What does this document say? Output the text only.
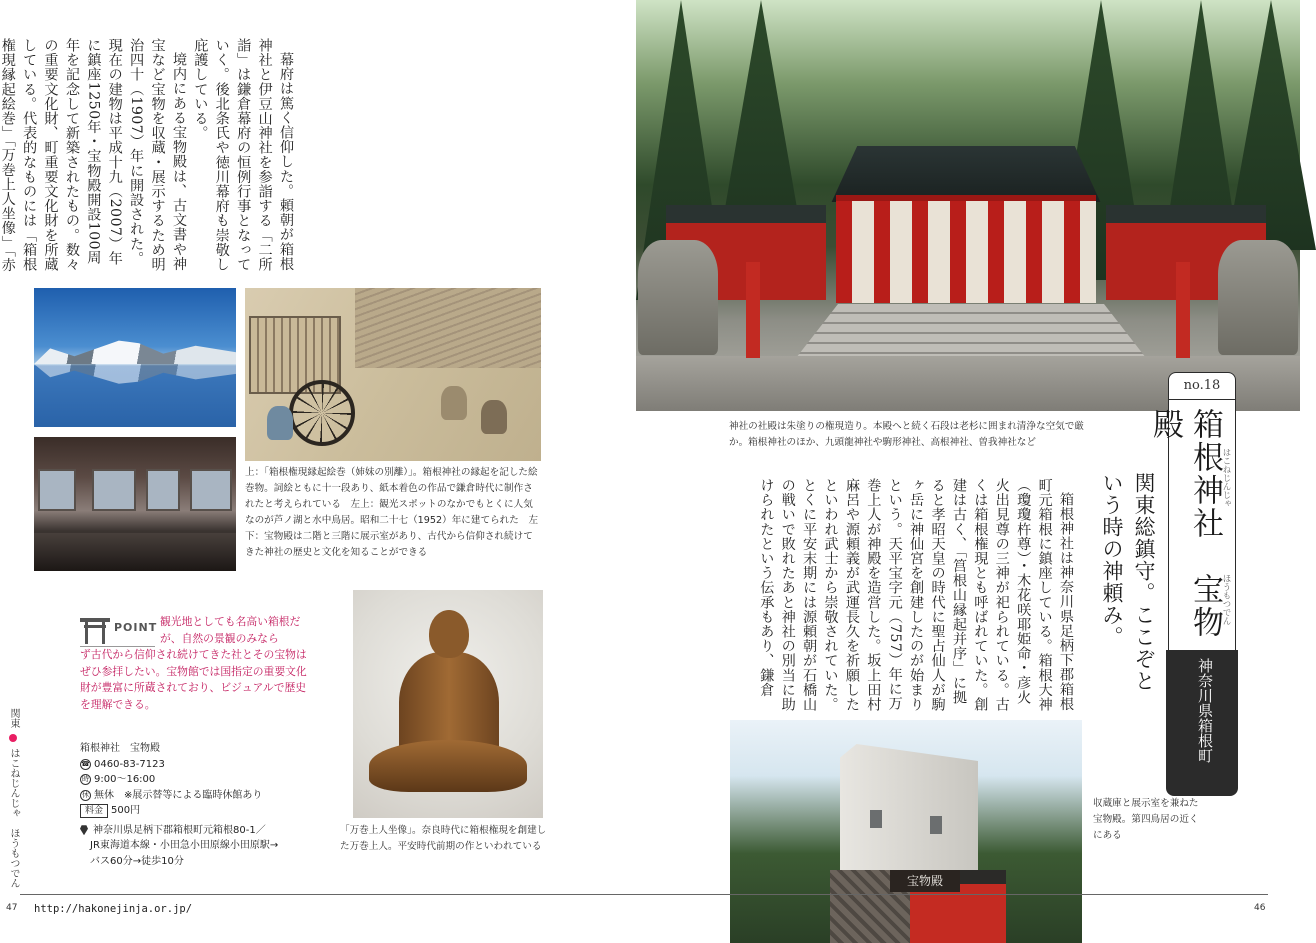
幕府は篤く信仰した。頼朝が箱根神社と伊豆山神社を参詣する「二所詣」は鎌倉幕府の恒例行事となっていく。後北条氏や徳川幕府も崇敬し庇護している。

境内にある宝物殿は、古文書や神宝など宝物を収蔵・展示するため明治四十（1907）年に開設された。現在の建物は平成十九（2007）年に鎮座1250年・宝物殿開設100周年を記念して新築されたもの。数々の重要文化財、町重要文化財を所蔵している。代表的なものには「箱根権現縁起絵巻」「万巻上人坐像」「赤

上：「箱根権現縁起絵巻（姉妹の別離）」。箱根神社の縁起を記した絵巻物。詞絵ともに十一段あり、紙本着色の作品で鎌倉時代に制作されたと考えられている　左上：観光スポットのなかでもとくに人気なのが芦ノ湖と水中鳥居。昭和二十七（1952）年に建てられた　左下：宝物殿は二階と三階に展示室があり、古代から信仰され続けてきた神社の歴史と文化を知ることができる
POINT 観光地としても名高い箱根だが、自然の景観のみなら
ず古代から信仰され続けてきた社とその宝物はぜひ参拝したい。宝物館では国指定の重要文化財が豊富に所蔵されており、ビジュアルで歴史を理解できる。
「万巻上人坐像」。奈良時代に箱根権現を創建した万巻上人。平安時代前期の作といわれている
箱根神社　宝物殿
☎ 0460-83-7123
時 9:00～16:00
休 無休　※展示替等による臨時休館あり
料金 500円
神奈川県足柄下郡箱根町元箱根80-1／
JR東海道本線・小田急小田原線小田原駅→
バス60分→徒歩10分
関東  はこねじんじゃ　ほうもつでん
神社の社殿は朱塗りの権現造り。本殿へと続く石段は老杉に囲まれ清浄な空気で厳か。箱根神社のほか、九頭龍神社や駒形神社、高根神社、曽我神社など
no.18
箱根神社　宝物殿
はこねじんじゃ
ほうもつでん
神奈川県箱根町
関東総鎮守。ここぞという時の神頼み。

箱根神社は神奈川県足柄下郡箱根町元箱根に鎮座している。箱根大神（瓊瓊杵尊）・木花咲耶姫命・彦火火出見尊の三神が祀られている。古くは箱根権現とも呼ばれていた。創建は古く、「筥根山縁起并序」に拠ると孝昭天皇の時代に聖占仙人が駒ヶ岳に神仙宮を創建したのが始まりという。天平宝字元（757）年に万巻上人が神殿を造営した。坂上田村麻呂や源頼義が武運長久を祈願したといわれ武士から崇敬されていた。とくに平安末期には源頼朝が石橋山の戦いで敗れたあと神社の別当に助けられたという伝承もあり、鎌倉

宝物殿
収蔵庫と展示室を兼ねた宝物殿。第四鳥居の近くにある
47 http://hakonejinja.or.jp/	46
